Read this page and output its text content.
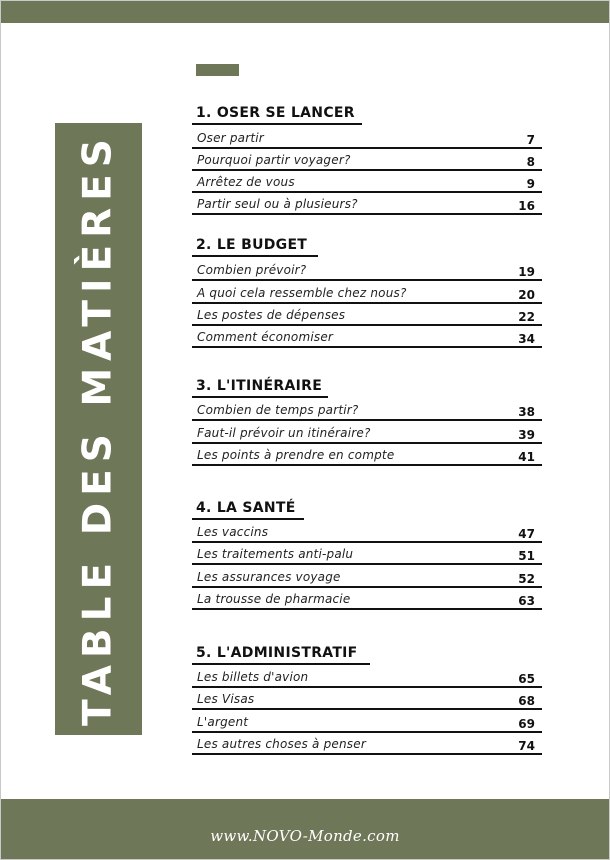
TABLE DES MATIÈRES
1. OSER SE LANCER
Oser partir	7
Pourquoi partir voyager?	8
Arrêtez de vous	9
Partir seul ou à plusieurs?	16
2. LE BUDGET
Combien prévoir?	19
A quoi cela ressemble chez nous?	20
Les postes de dépenses	22
Comment économiser	34
3. L'ITINÉRAIRE
Combien de temps partir?	38
Faut-il prévoir un itinéraire?	39
Les points à prendre en compte	41
4. LA SANTÉ
Les vaccins	47
Les traitements anti-palu	51
Les assurances voyage	52
La trousse de pharmacie	63
5. L'ADMINISTRATIF
Les billets d'avion	65
Les Visas	68
L'argent	69
Les autres choses à penser	74
www.NOVO-Monde.com
